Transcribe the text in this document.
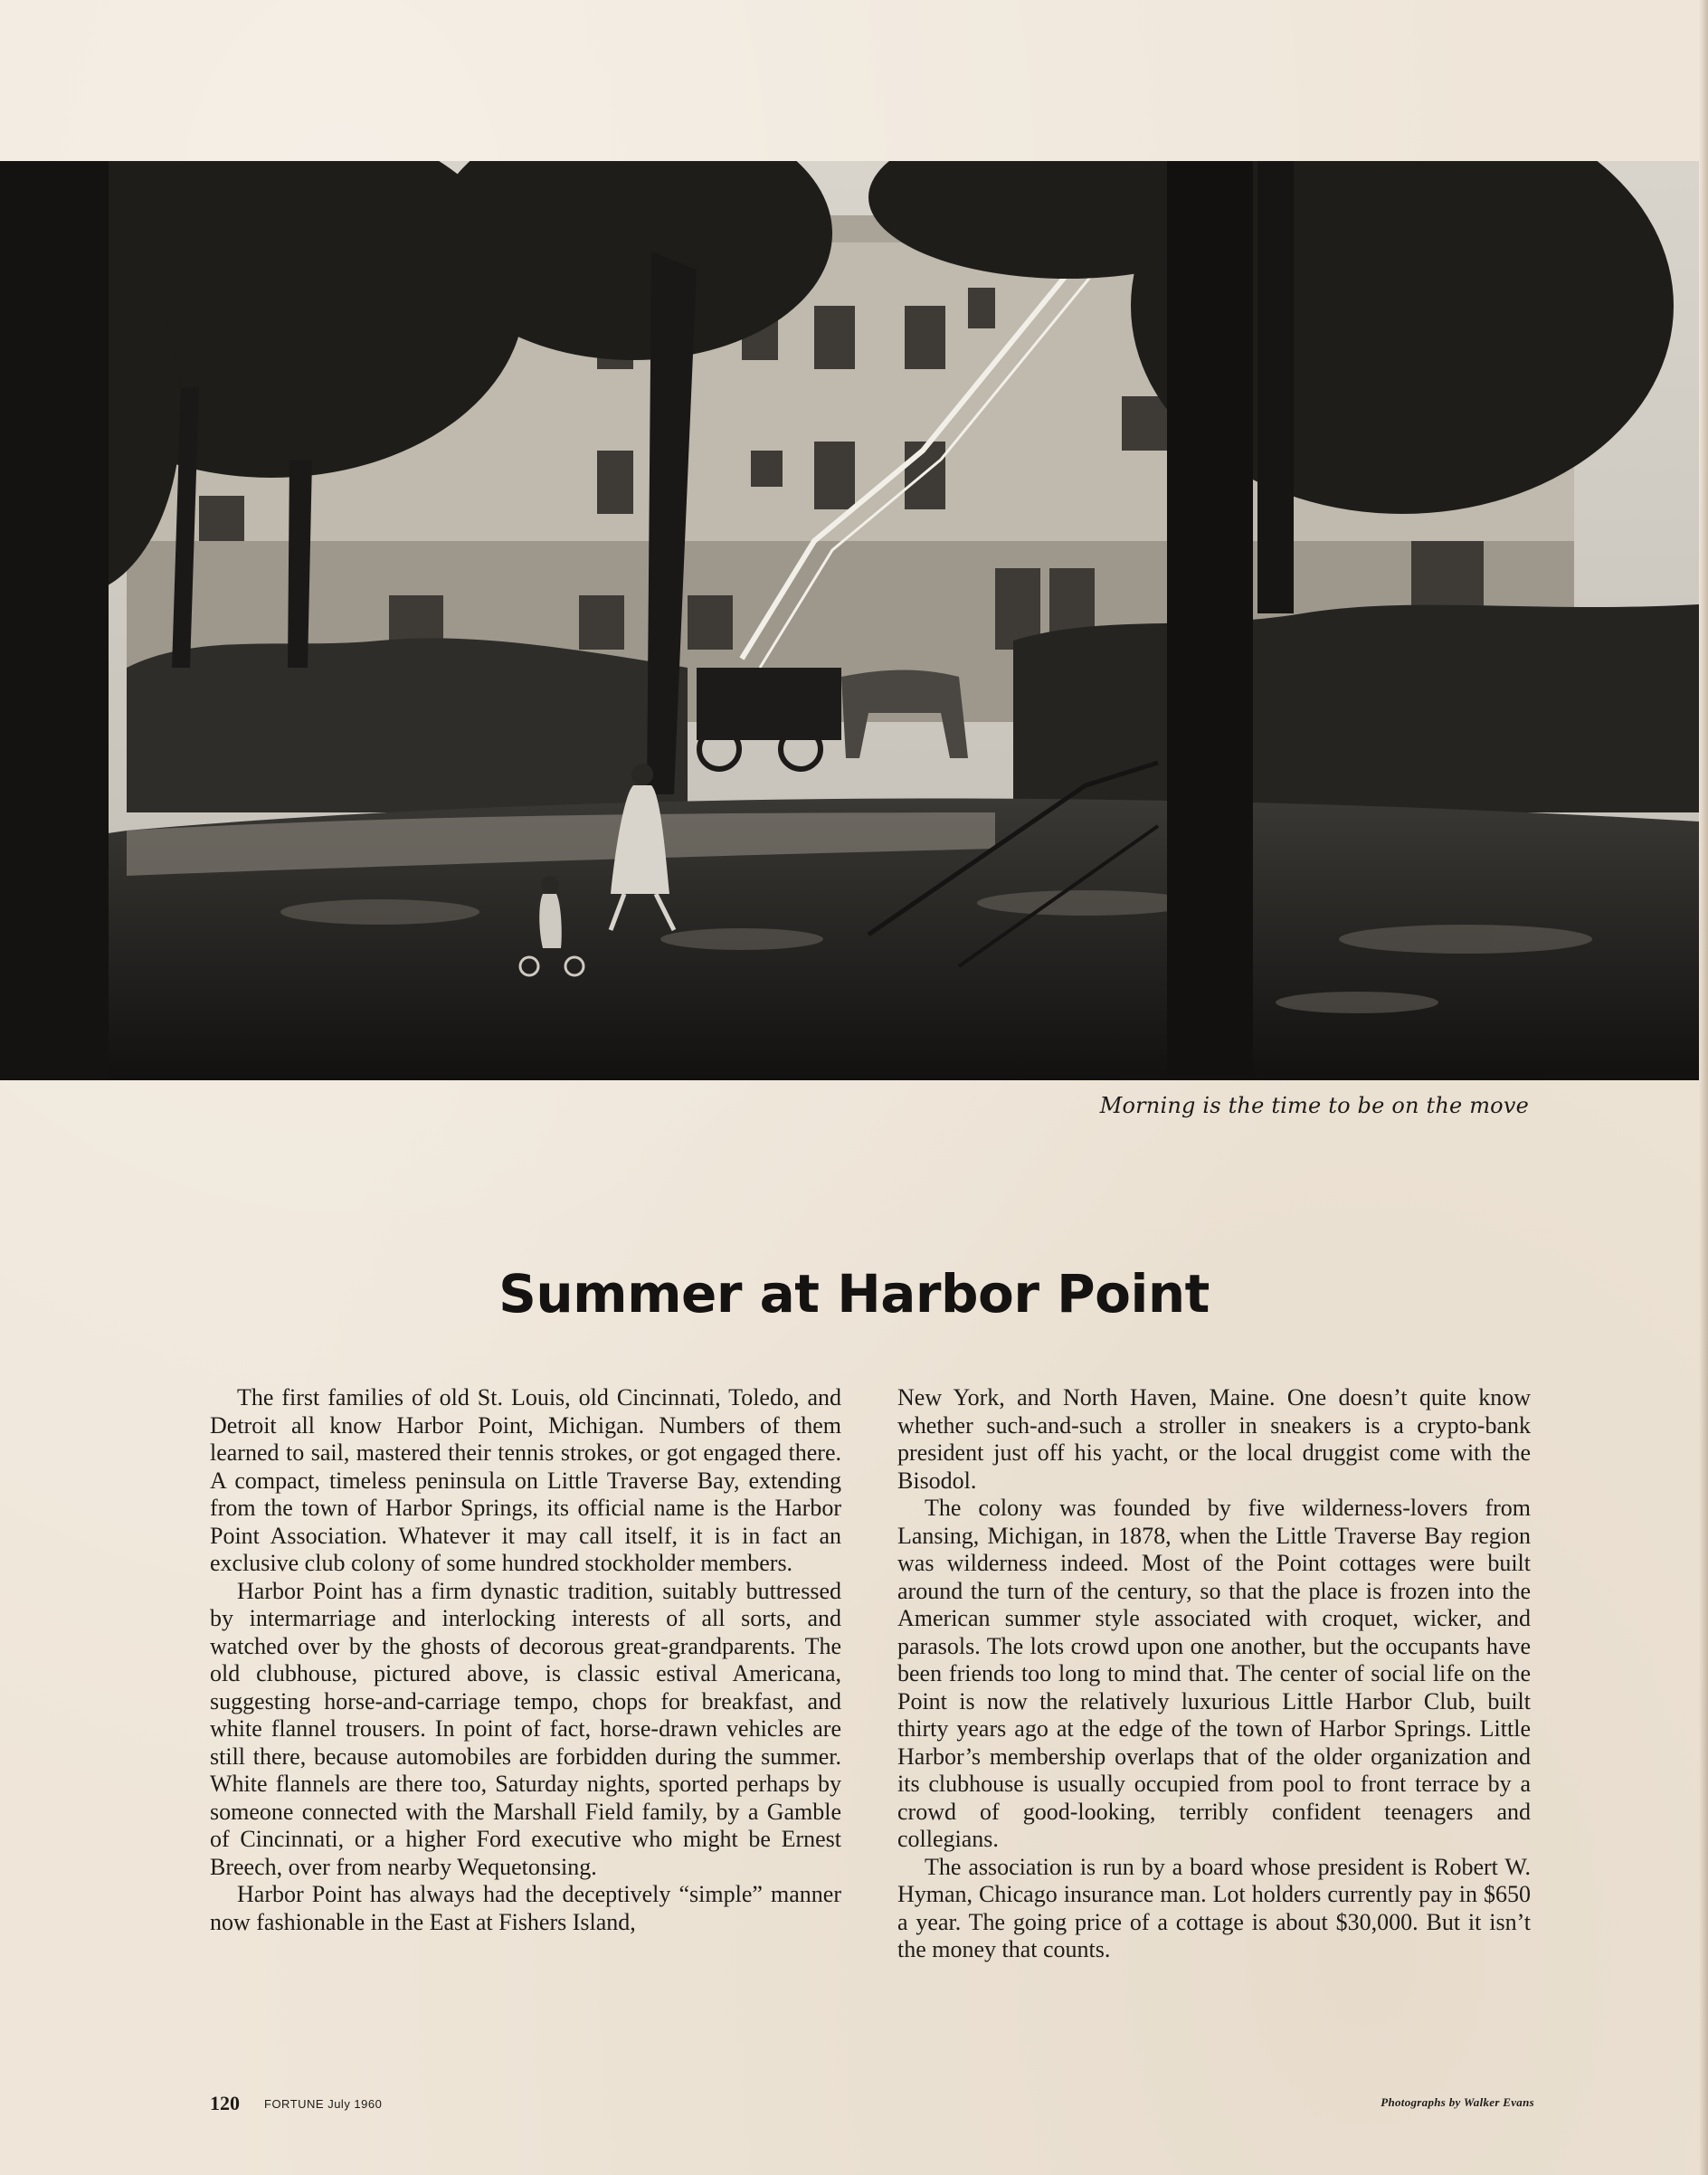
Morning is the time to be on the move
Summer at Harbor Point

The first families of old St. Louis, old Cincinnati, Toledo, and Detroit all know Harbor Point, Michigan. Numbers of them learned to sail, mastered their tennis strokes, or got engaged there. A compact, timeless peninsula on Little Traverse Bay, extending from the town of Harbor Springs, its official name is the Harbor Point Association. Whatever it may call itself, it is in fact an exclusive club colony of some hundred stockholder members.

Harbor Point has a firm dynastic tradition, suitably buttressed by intermarriage and interlocking interests of all sorts, and watched over by the ghosts of decorous great-grandparents. The old clubhouse, pictured above, is classic estival Americana, suggesting horse-and-carriage tempo, chops for breakfast, and white flannel trousers. In point of fact, horse-drawn vehicles are still there, because automobiles are forbidden during the summer. White flannels are there too, Saturday nights, sported perhaps by someone connected with the Marshall Field family, by a Gamble of Cincinnati, or a higher Ford executive who might be Ernest Breech, over from nearby Wequetonsing.

Harbor Point has always had the deceptively “simple” manner now fashionable in the East at Fishers Island,

New York, and North Haven, Maine. One doesn’t quite know whether such-and-such a stroller in sneakers is a crypto-bank president just off his yacht, or the local druggist come with the Bisodol.

The colony was founded by five wilderness-lovers from Lansing, Michigan, in 1878, when the Little Traverse Bay region was wilderness indeed. Most of the Point cottages were built around the turn of the century, so that the place is frozen into the American summer style associated with croquet, wicker, and parasols. The lots crowd upon one another, but the occupants have been friends too long to mind that. The center of social life on the Point is now the relatively luxurious Little Harbor Club, built thirty years ago at the edge of the town of Harbor Springs. Little Harbor’s membership overlaps that of the older organization and its clubhouse is usually occupied from pool to front terrace by a crowd of good-looking, terribly confident teenagers and collegians.

The association is run by a board whose president is Robert W. Hyman, Chicago insurance man. Lot holders currently pay in $650 a year. The going price of a cottage is about $30,000. But it isn’t the money that counts.

120 FORTUNE July 1960	Photographs by Walker Evans
